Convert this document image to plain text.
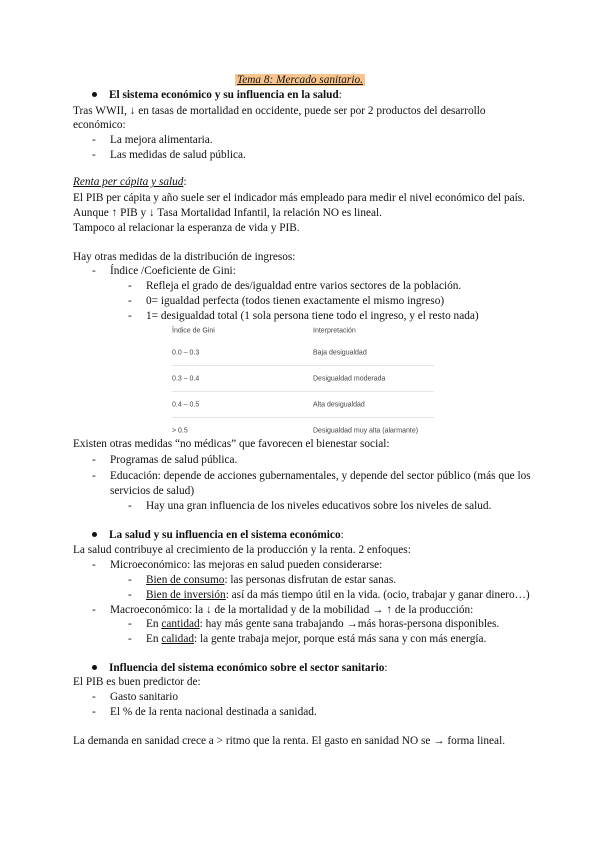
Tema 8: Mercado sanitario.
El sistema económico y su influencia en la salud:
Tras WWII, ↓ en tasas de mortalidad en occidente, puede ser por 2 productos del desarrollo
económico:
- La mejora alimentaria.
- Las medidas de salud pública.
Renta per cápita y salud:
El PIB per cápita y año suele ser el indicador más empleado para medir el nivel económico del país.
Aunque ↑ PIB y ↓ Tasa Mortalidad Infantil, la relación NO es lineal.
Tampoco al relacionar la esperanza de vida y PIB.
Hay otras medidas de la distribución de ingresos:
- Índice /Coeficiente de Gini:
- Refleja el grado de des/igualdad entre varios sectores de la población.
- 0= igualdad perfecta (todos tienen exactamente el mismo ingreso)
- 1= desigualdad total (1 sola persona tiene todo el ingreso, y el resto nada)
Índice de Gini	Interpretación
0.0 – 0.3	Baja desigualdad
0.3 – 0.4	Desigualdad moderada
0.4 – 0.5	Alta desigualdad
> 0.5	Desigualdad muy alta (alarmante)
Existen otras medidas “no médicas” que favorecen el bienestar social:
- Programas de salud pública.
- Educación: depende de acciones gubernamentales, y depende del sector público (más que los
servicios de salud)
- Hay una gran influencia de los niveles educativos sobre los niveles de salud.
La salud y su influencia en el sistema económico:
La salud contribuye al crecimiento de la producción y la renta. 2 enfoques:
- Microeconómico: las mejoras en salud pueden considerarse:
- Bien de consumo: las personas disfrutan de estar sanas.
- Bien de inversión: así da más tiempo útil en la vida. (ocio, trabajar y ganar dinero…)
- Macroeconómico: la ↓ de la mortalidad y de la mobilidad → ↑ de la producción:
- En cantidad: hay más gente sana trabajando →más horas-persona disponibles.
- En calidad: la gente trabaja mejor, porque está más sana y con más energía.
Influencia del sistema económico sobre el sector sanitario:
El PIB es buen predictor de:
- Gasto sanitario
- El % de la renta nacional destinada a sanidad.
La demanda en sanidad crece a > ritmo que la renta. El gasto en sanidad NO se → forma lineal.
